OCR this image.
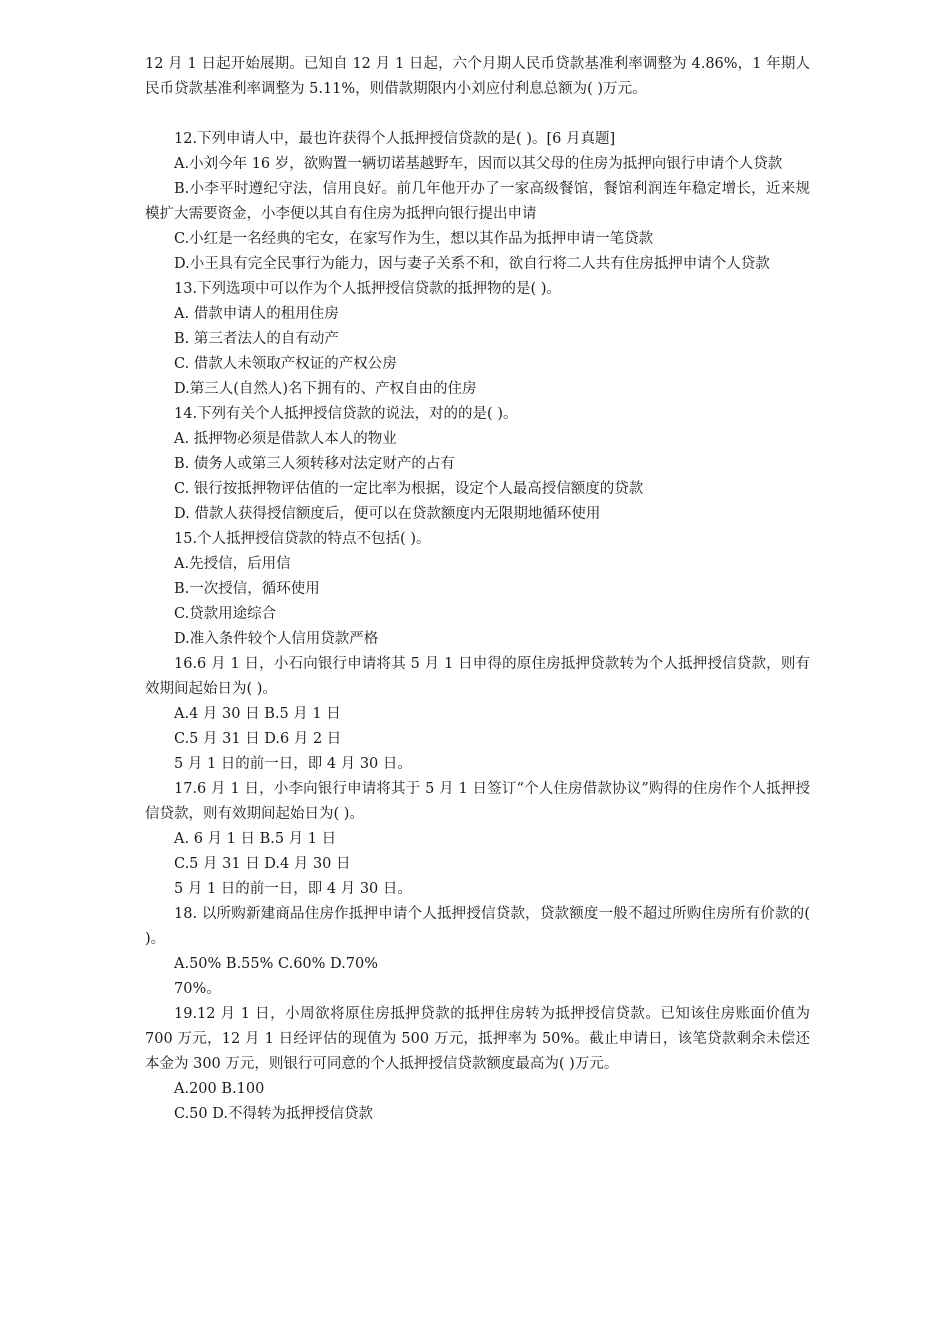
12 月 1 日起开始展期。已知自 12 月 1 日起，六个月期人民币贷款基准利率调整为 4.86%，1 年期人民币贷款基准利率调整为 5.11%，则借款期限内小刘应付利息总额为( )万元。

12.下列申请人中，最也许获得个人抵押授信贷款的是( )。[6 月真题]

A.小刘今年 16 岁，欲购置一辆切诺基越野车，因而以其父母的住房为抵押向银行申请个人贷款

B.小李平时遵纪守法，信用良好。前几年他开办了一家高级餐馆，餐馆利润连年稳定增长，近来规模扩大需要资金，小李便以其自有住房为抵押向银行提出申请

C.小红是一名经典的宅女，在家写作为生，想以其作品为抵押申请一笔贷款

D.小王具有完全民事行为能力，因与妻子关系不和，欲自行将二人共有住房抵押申请个人贷款

13.下列选项中可以作为个人抵押授信贷款的抵押物的是( )。

A. 借款申请人的租用住房

B. 第三者法人的自有动产

C. 借款人未领取产权证的产权公房

D.第三人(自然人)名下拥有的、产权自由的住房

14.下列有关个人抵押授信贷款的说法，对的的是( )。

A. 抵押物必须是借款人本人的物业

B. 债务人或第三人须转移对法定财产的占有

C. 银行按抵押物评估值的一定比率为根据，设定个人最高授信额度的贷款

D. 借款人获得授信额度后，便可以在贷款额度内无限期地循环使用

15.个人抵押授信贷款的特点不包括( )。

A.先授信，后用信

B.一次授信，循环使用

C.贷款用途综合

D.准入条件较个人信用贷款严格

16.6 月 1 日，小石向银行申请将其 5 月 1 日申得的原住房抵押贷款转为个人抵押授信贷款，则有效期间起始日为( )。

A.4 月 30 日 B.5 月 1 日

C.5 月 31 日 D.6 月 2 日

5 月 1 日的前一日，即 4 月 30 日。

17.6 月 1 日，小李向银行申请将其于 5 月 1 日签订“个人住房借款协议”购得的住房作个人抵押授信贷款，则有效期间起始日为( )。

A. 6 月 1 日 B.5 月 1 日

C.5 月 31 日 D.4 月 30 日

5 月 1 日的前一日，即 4 月 30 日。

18. 以所购新建商品住房作抵押申请个人抵押授信贷款，贷款额度一般不超过所购住房所有价款的( )。

A.50% B.55% C.60% D.70%

70%。

19.12 月 1 日，小周欲将原住房抵押贷款的抵押住房转为抵押授信贷款。已知该住房账面价值为 700 万元，12 月 1 日经评估的现值为 500 万元，抵押率为 50%。截止申请日，该笔贷款剩余未偿还本金为 300 万元，则银行可同意的个人抵押授信贷款额度最高为( )万元。

A.200 B.100

C.50 D.不得转为抵押授信贷款
